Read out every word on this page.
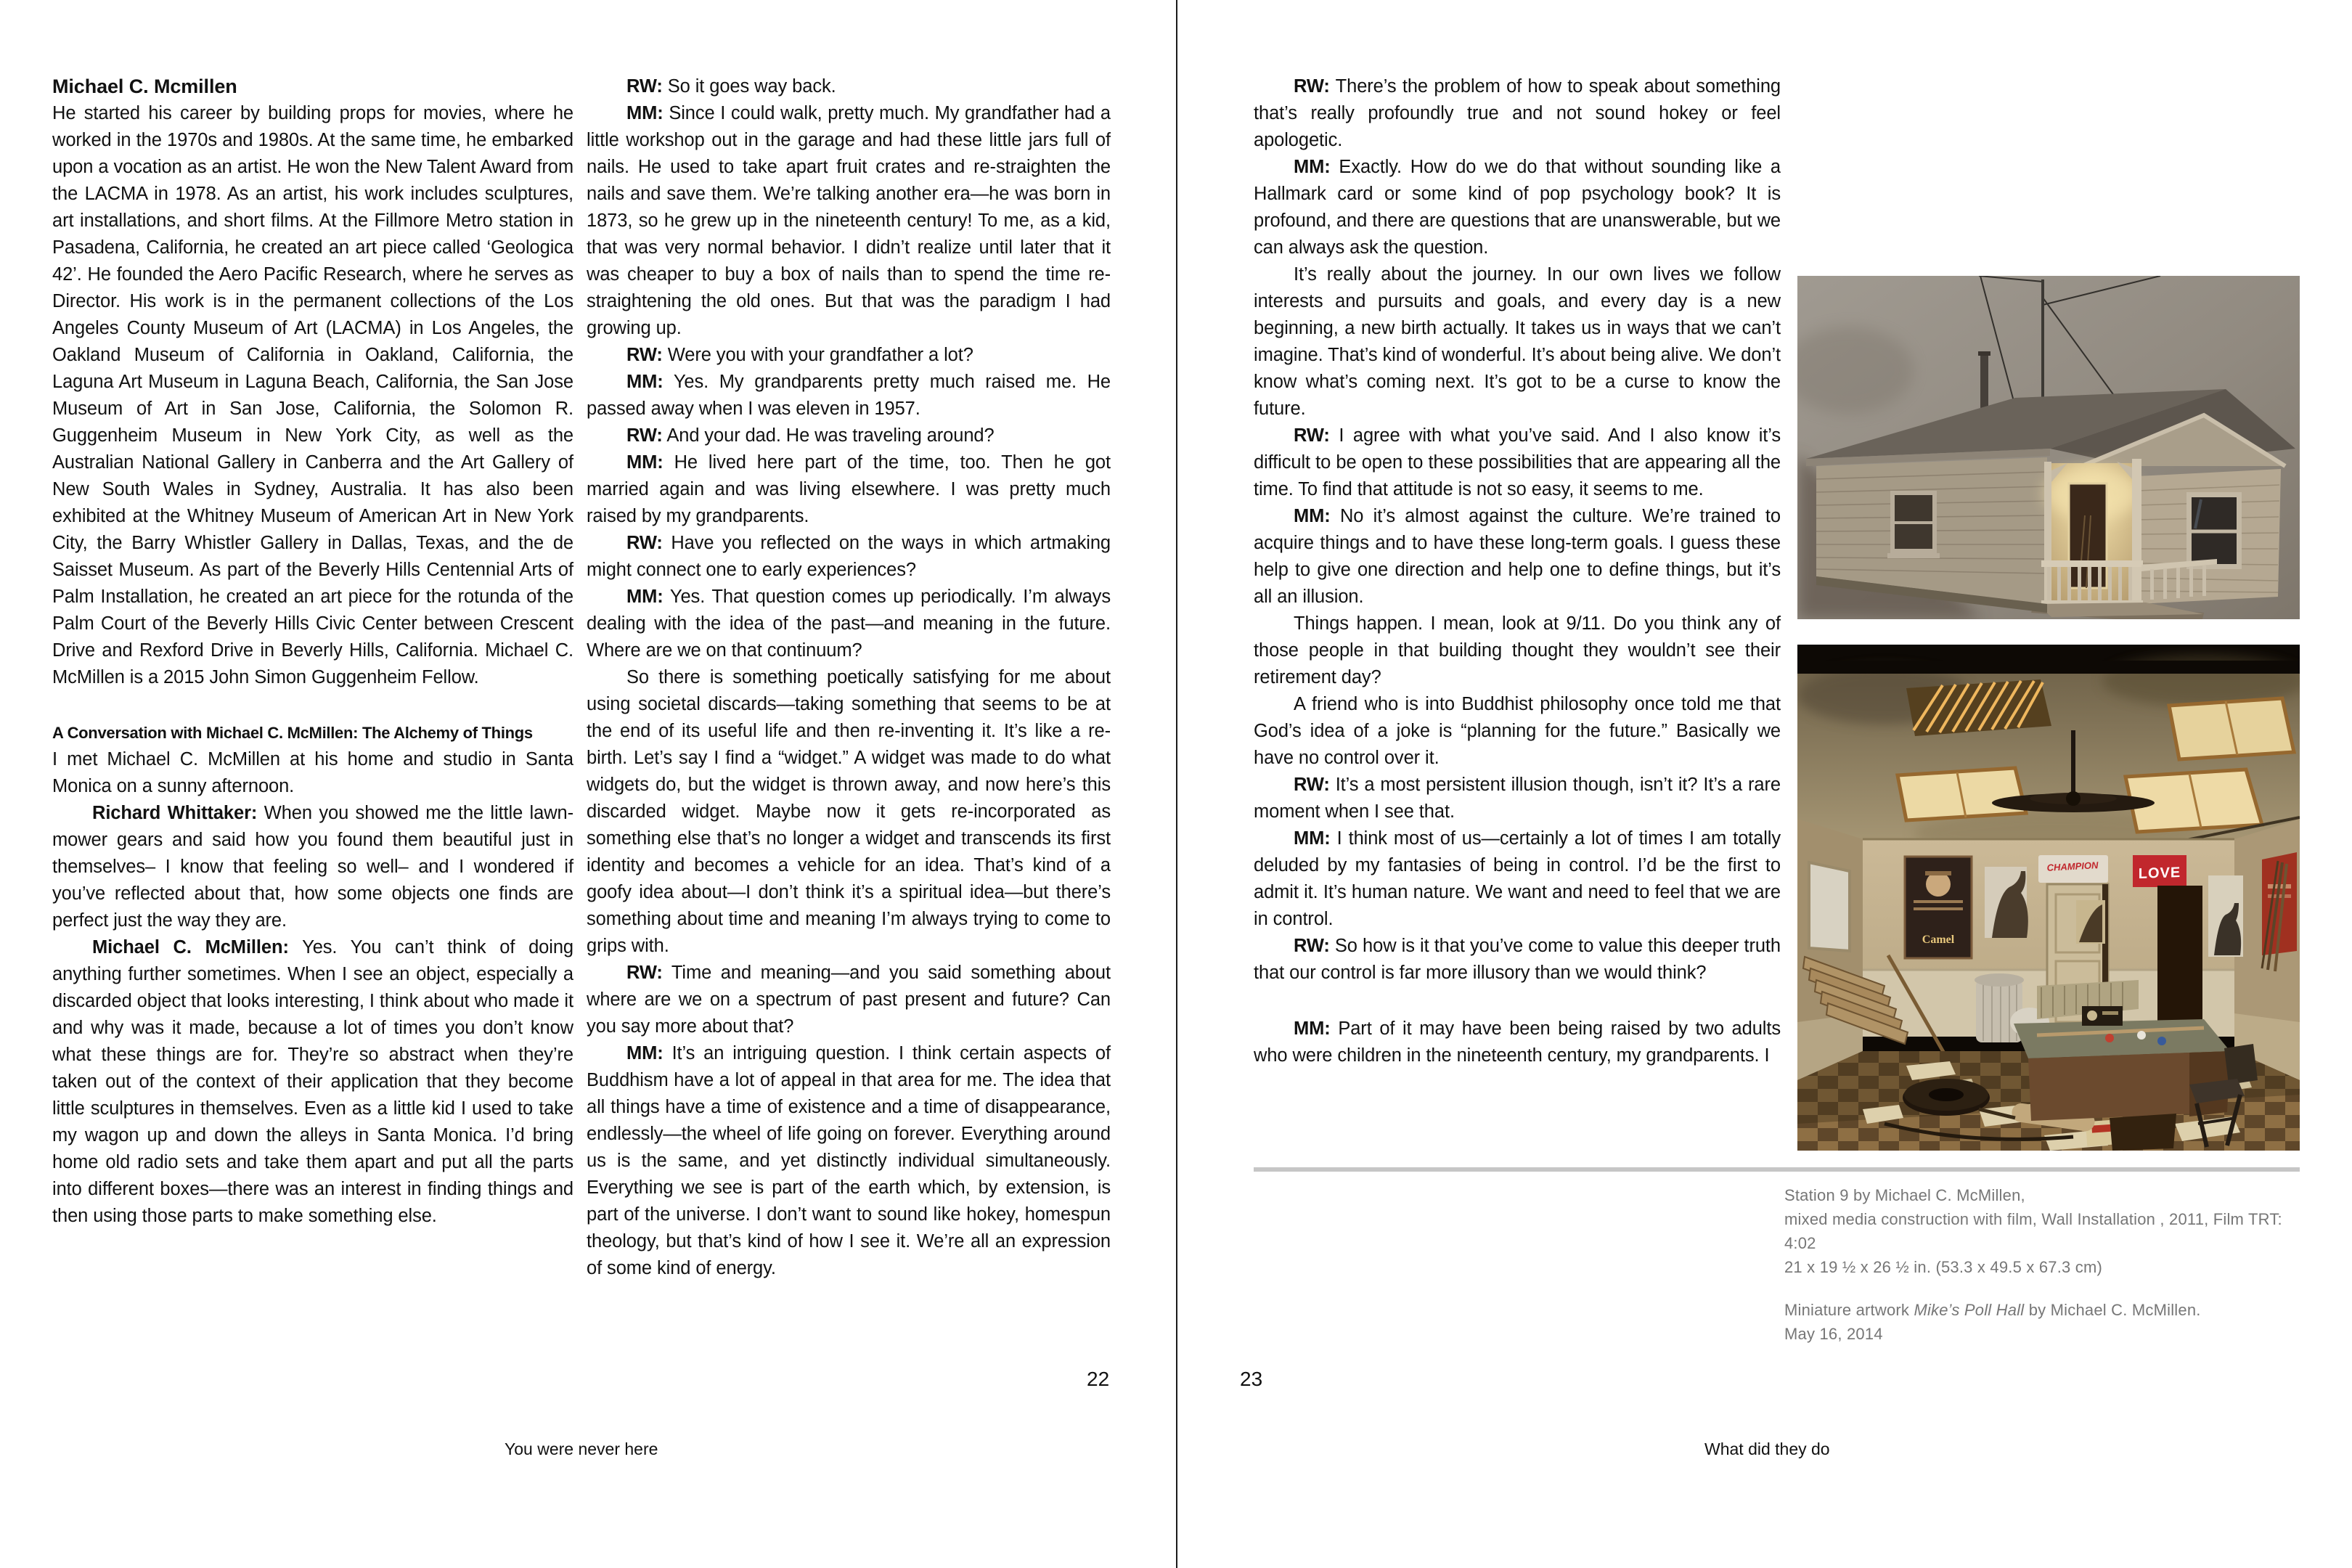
Michael C. Mcmillen

He started his career by building props for movies, where he worked in the 1970s and 1980s. At the same time, he embarked upon a vocation as an artist. He won the New Talent Award from the LACMA in 1978. As an artist, his work includes sculptures, art installations, and short films. At the Fillmore Metro station in Pasadena, California, he created an art piece called ‘Geologica 42’. He founded the Aero Pacific Research, where he serves as Director. His work is in the permanent collections of the Los Angeles County Museum of Art (LACMA) in Los Angeles, the Oakland Museum of California in Oakland, California, the Laguna Art Museum in Laguna Beach, California, the San Jose Museum of Art in San Jose, California, the Solomon R. Guggenheim Museum in New York City, as well as the Australian National Gallery in Canberra and the Art Gallery of New South Wales in Sydney, Australia. It has also been exhibited at the Whitney Museum of American Art in New York City, the Barry Whistler Gallery in Dallas, Texas, and the de Saisset Museum. As part of the Beverly Hills Centennial Arts of Palm Installation, he created an art piece for the rotunda of the Palm Court of the Beverly Hills Civic Center between Crescent Drive and Rexford Drive in Beverly Hills, California. Michael C. McMillen is a 2015 John Simon Guggenheim Fellow.

A Conversation with Michael C. McMillen: The Alchemy of Things

I met Michael C. McMillen at his home and studio in Santa Monica on a sunny afternoon.

Richard Whittaker: When you showed me the little lawn-mower gears and said how you found them beautiful just in themselves– I know that feeling so well– and I wondered if you’ve reflected about that, how some objects one finds are perfect just the way they are.

Michael C. McMillen: Yes. You can’t think of doing anything further sometimes. When I see an object, especially a discarded object that looks interesting, I think about who made it and why was it made, because a lot of times you don’t know what these things are for. They’re so abstract when they’re taken out of the context of their application that they become little sculptures in themselves. Even as a little kid I used to take my wagon up and down the alleys in Santa Monica. I’d bring home old radio sets and take them apart and put all the parts into different boxes—there was an interest in finding things and then using those parts to make something else.

RW: So it goes way back.

MM: Since I could walk, pretty much. My grandfather had a little workshop out in the garage and had these little jars full of nails. He used to take apart fruit crates and re-straighten the nails and save them. We’re talking another era—he was born in 1873, so he grew up in the nineteenth century! To me, as a kid, that was very normal behavior. I didn’t realize until later that it was cheaper to buy a box of nails than to spend the time re-straightening the old ones. But that was the paradigm I had growing up.

RW: Were you with your grandfather a lot?

MM: Yes. My grandparents pretty much raised me. He passed away when I was eleven in 1957.

RW: And your dad. He was traveling around?

MM: He lived here part of the time, too. Then he got married again and was living elsewhere. I was pretty much raised by my grandparents.

RW: Have you reflected on the ways in which artmaking might connect one to early experiences?

MM: Yes. That question comes up periodically. I’m always dealing with the idea of the past—and meaning in the future. Where are we on that continuum?

So there is something poetically satisfying for me about using societal discards—taking something that seems to be at the end of its useful life and then re-inventing it. It’s like a re-birth. Let’s say I find a “widget.” A widget was made to do what widgets do, but the widget is thrown away, and now here’s this discarded widget. Maybe now it gets re-incorporated as something else that’s no longer a widget and transcends its first identity and becomes a vehicle for an idea. That’s kind of a goofy idea about—I don’t think it’s a spiritual idea—but there’s something about time and meaning I’m always trying to come to grips with.

RW: Time and meaning—and you said something about where are we on a spectrum of past present and future? Can you say more about that?

MM: It’s an intriguing question. I think certain aspects of Buddhism have a lot of appeal in that area for me. The idea that all things have a time of existence and a time of disappearance, endlessly—the wheel of life going on forever. Everything around us is the same, and yet distinctly individual simultaneously. Everything we see is part of the earth which, by extension, is part of the universe. I don’t want to sound like hokey, homespun theology, but that’s kind of how I see it. We’re all an expression of some kind of energy.

RW: There’s the problem of how to speak about something that’s really profoundly true and not sound hokey or feel apologetic.

MM: Exactly. How do we do that without sounding like a Hallmark card or some kind of pop psychology book? It is profound, and there are questions that are unanswerable, but we can always ask the question.

It’s really about the journey. In our own lives we follow interests and pursuits and goals, and every day is a new beginning, a new birth actually. It takes us in ways that we can’t imagine. That’s kind of wonderful. It’s about being alive. We don’t know what’s coming next. It’s got to be a curse to know the future.

RW: I agree with what you’ve said. And I also know it’s difficult to be open to these possibilities that are appearing all the time. To find that attitude is not so easy, it seems to me.

MM: No it’s almost against the culture. We’re trained to acquire things and to have these long-term goals. I guess these help to give one direction and help one to define things, but it’s all an illusion.

Things happen. I mean, look at 9/11. Do you think any of those people in that building thought they wouldn’t see their retirement day?

A friend who is into Buddhist philosophy once told me that God’s idea of a joke is “planning for the future.” Basically we have no control over it.

RW: It’s a most persistent illusion though, isn’t it? It’s a rare moment when I see that.

MM: I think most of us—certainly a lot of times I am totally deluded by my fantasies of being in control. I’d be the first to admit it. It’s human nature. We want and need to feel that we are in control.

RW: So how is it that you’ve come to value this deeper truth that our control is far more illusory than we would think?

MM: Part of it may have been being raised by two adults who were children in the nineteenth century, my grandparents. I

LOVE
CHAMPION
Camel

Station 9 by Michael C. McMillen,

mixed media construction with film, Wall Installation , 2011, Film TRT: 4:02

21 x 19 ½ x 26 ½ in. (53.3 x 49.5 x 67.3 cm)

Miniature artwork Mike’s Poll Hall by Michael C. McMillen.

May 16, 2014

22	23
You were never here	What did they do
